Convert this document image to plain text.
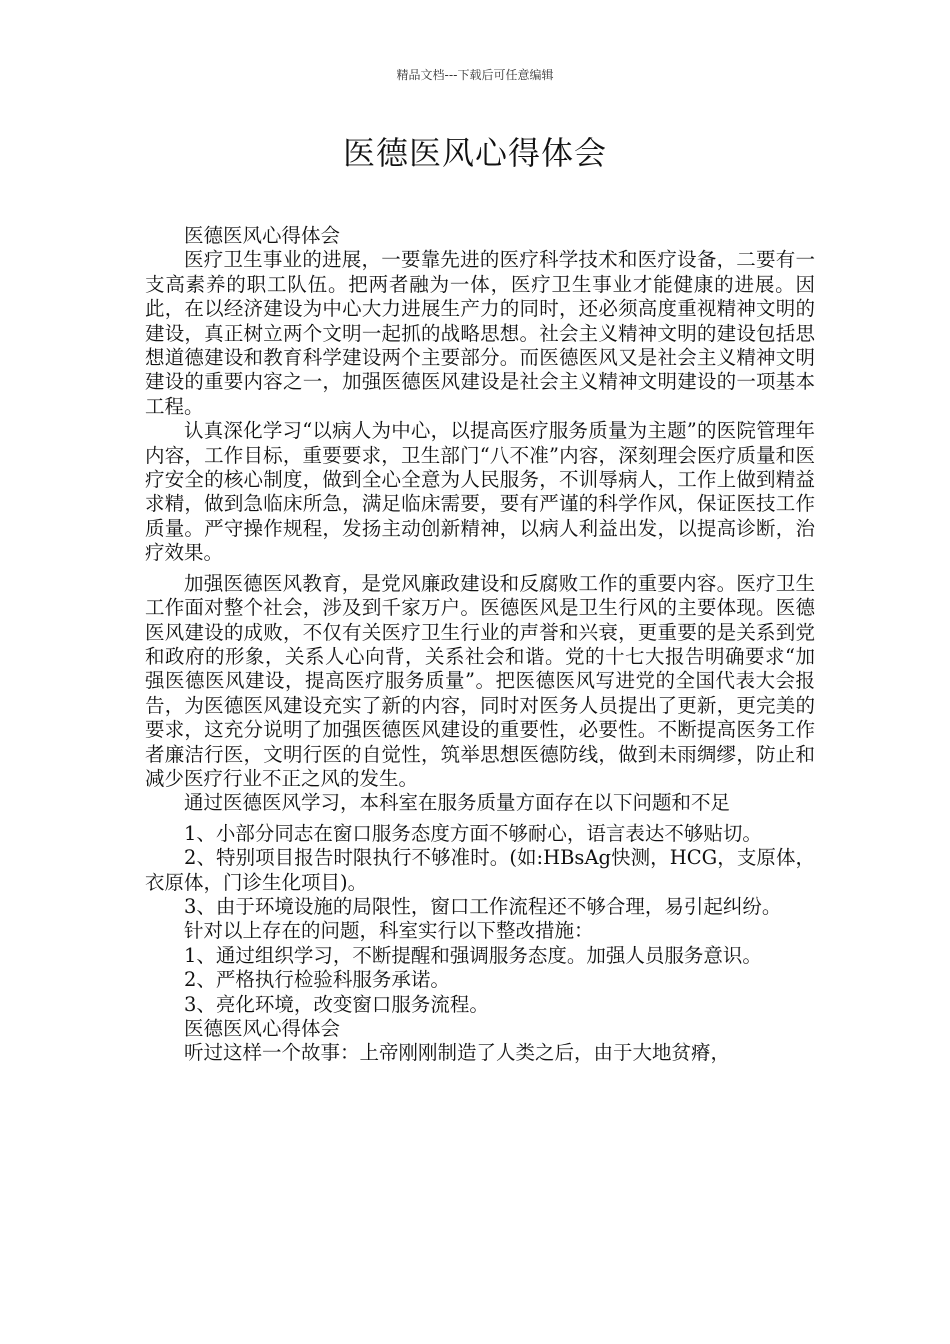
精品文档---下载后可任意编辑
医德医风心得体会

医德医风心得体会

医疗卫生事业的进展，一要靠先进的医疗科学技术和医疗设备，二要有一支高素养的职工队伍。把两者融为一体，医疗卫生事业才能健康的进展。因此，在以经济建设为中心大力进展生产力的同时，还必须高度重视精神文明的建设，真正树立两个文明一起抓的战略思想。社会主义精神文明的建设包括思想道德建设和教育科学建设两个主要部分。而医德医风又是社会主义精神文明建设的重要内容之一，加强医德医风建设是社会主义精神文明建设的一项基本工程。

认真深化学习“以病人为中心，以提高医疗服务质量为主题”的医院管理年内容，工作目标，重要要求，卫生部门“八不准”内容，深刻理会医疗质量和医疗安全的核心制度，做到全心全意为人民服务，不训辱病人，工作上做到精益求精，做到急临床所急，满足临床需要，要有严谨的科学作风，保证医技工作质量。严守操作规程，发扬主动创新精神，以病人利益出发，以提高诊断，治疗效果。

加强医德医风教育，是党风廉政建设和反腐败工作的重要内容。医疗卫生工作面对整个社会，涉及到千家万户。医德医风是卫生行风的主要体现。医德医风建设的成败，不仅有关医疗卫生行业的声誉和兴衰，更重要的是关系到党和政府的形象，关系人心向背，关系社会和谐。党的十七大报告明确要求“加强医德医风建设，提高医疗服务质量”。把医德医风写进党的全国代表大会报告，为医德医风建设充实了新的内容，同时对医务人员提出了更新，更完美的要求，这充分说明了加强医德医风建设的重要性，必要性。不断提高医务工作者廉洁行医，文明行医的自觉性，筑举思想医德防线，做到未雨绸缪，防止和减少医疗行业不正之风的发生。

通过医德医风学习，本科室在服务质量方面存在以下问题和不足

1、小部分同志在窗口服务态度方面不够耐心，语言表达不够贴切。

2、特别项目报告时限执行不够准时。(如:HBsAg快测，HCG，支原体，衣原体，门诊生化项目)。

3、由于环境设施的局限性，窗口工作流程还不够合理，易引起纠纷。

针对以上存在的问题，科室实行以下整改措施：

1、通过组织学习，不断提醒和强调服务态度。加强人员服务意识。

2、严格执行检验科服务承诺。

3、亮化环境，改变窗口服务流程。

医德医风心得体会

听过这样一个故事：上帝刚刚制造了人类之后，由于大地贫瘠，
